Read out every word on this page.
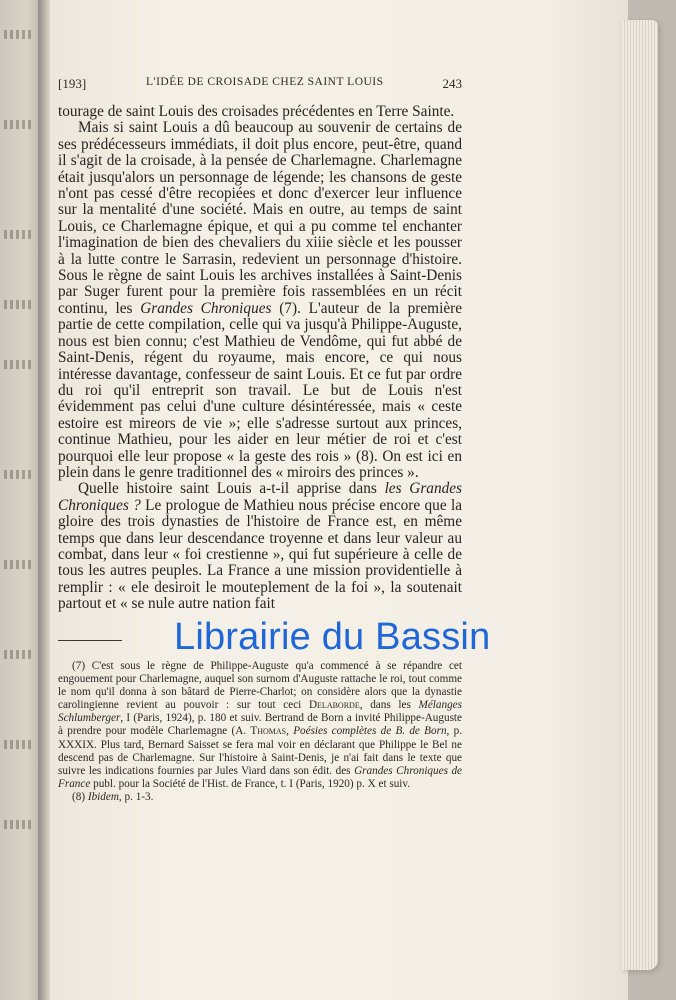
[193]	L'IDÉE DE CROISADE CHEZ SAINT LOUIS	243

tourage de saint Louis des croisades précédentes en Terre Sainte.

Mais si saint Louis a dû beaucoup au souvenir de certains de ses prédécesseurs immédiats, il doit plus encore, peut-être, quand il s'agit de la croisade, à la pensée de Charlemagne. Charlemagne était jusqu'alors un personnage de légende; les chansons de geste n'ont pas cessé d'être recopiées et donc d'exercer leur influence sur la mentalité d'une société. Mais en outre, au temps de saint Louis, ce Charlemagne épique, et qui a pu comme tel enchanter l'imagination de bien des chevaliers du xiiie siècle et les pousser à la lutte contre le Sarrasin, redevient un personnage d'histoire. Sous le règne de saint Louis les archives installées à Saint-Denis par Suger furent pour la première fois rassemblées en un récit continu, les Grandes Chroniques (7). L'auteur de la première partie de cette compilation, celle qui va jusqu'à Philippe-Auguste, nous est bien connu; c'est Mathieu de Vendôme, qui fut abbé de Saint-Denis, régent du royaume, mais encore, ce qui nous intéresse davantage, confesseur de saint Louis. Et ce fut par ordre du roi qu'il entreprit son travail. Le but de Louis n'est évidemment pas celui d'une culture désintéressée, mais « ceste estoire est mireors de vie »; elle s'adresse surtout aux princes, continue Mathieu, pour les aider en leur métier de roi et c'est pourquoi elle leur propose « la geste des rois » (8). On est ici en plein dans le genre traditionnel des « miroirs des princes ».

Quelle histoire saint Louis a-t-il apprise dans les Grandes Chroniques ? Le prologue de Mathieu nous précise encore que la gloire des trois dynasties de l'histoire de France est, en même temps que dans leur descendance troyenne et dans leur valeur au combat, dans leur « foi crestienne », qui fut supérieure à celle de tous les autres peuples. La France a une mission providentielle à remplir : « ele desiroit le mouteplement de la foi », la soutenait partout et « se nule autre nation fait

Librairie du Bassin

(7) C'est sous le règne de Philippe-Auguste qu'a commencé à se répandre cet engouement pour Charlemagne, auquel son surnom d'Auguste rattache le roi, tout comme le nom qu'il donna à son bâtard de Pierre-Charlot; on considère alors que la dynastie carolingienne revient au pouvoir : sur tout ceci Delaborde, dans les Mélanges Schlumberger, I (Paris, 1924), p. 180 et suiv. Bertrand de Born a invité Philippe-Auguste à prendre pour modèle Charlemagne (A. Thomas, Poésies complètes de B. de Born, p. XXXIX. Plus tard, Bernard Saisset se fera mal voir en déclarant que Philippe le Bel ne descend pas de Charlemagne. Sur l'histoire à Saint-Denis, je n'ai fait dans le texte que suivre les indications fournies par Jules Viard dans son édit. des Grandes Chroniques de France publ. pour la Société de l'Hist. de France, t. I (Paris, 1920) p. X et suiv.

(8) Ibidem, p. 1-3.
